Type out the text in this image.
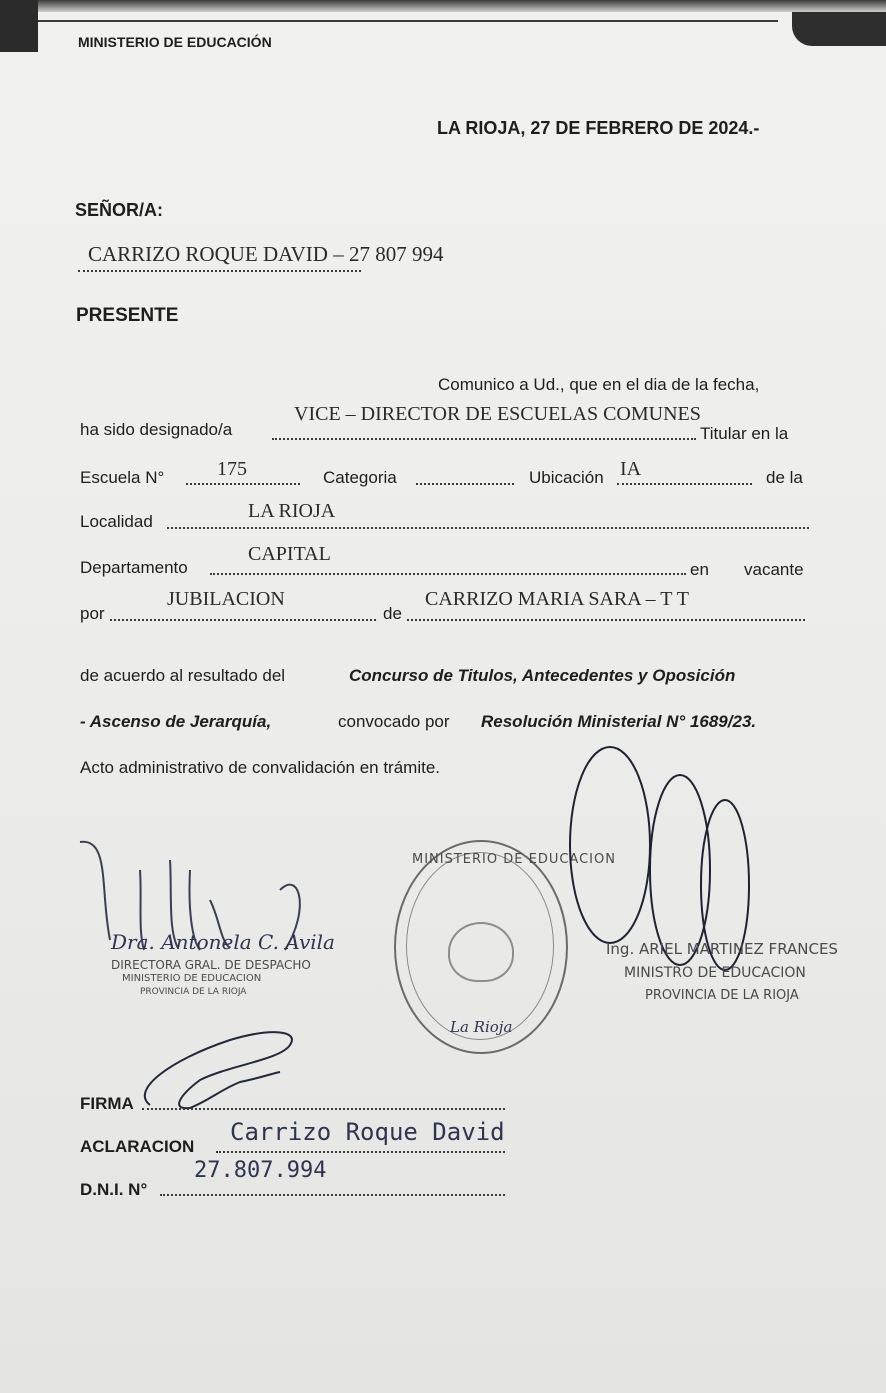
MINISTERIO DE EDUCACIÓN
LA RIOJA, 27 DE FEBRERO DE 2024.-
SEÑOR/A:
CARRIZO ROQUE DAVID – 27 807 994
PRESENTE
Comunico a Ud., que en el dia de la fecha,
ha sido designado/a
VICE – DIRECTOR DE ESCUELAS COMUNES
Titular en la
Escuela N°	175	Categoria	Ubicación IA	de la
Localidad	LA RIOJA
Departamento
CAPITAL
en vacante
por
JUBILACION
de
CARRIZO MARIA SARA – T T
de acuerdo al resultado del	Concurso de Titulos, Antecedentes y Oposición
- Ascenso de Jerarquía,	convocado por Resolución Ministerial N° 1689/23.
Acto administrativo de convalidación en trámite.
Dra. Antonela C. Avila
DIRECTORA GRAL. DE DESPACHO
MINISTERIO DE EDUCACION
PROVINCIA DE LA RIOJA
MINISTERIO DE EDUCACION
La Rioja
Ing. ARIEL MARTINEZ FRANCES
MINISTRO DE EDUCACION
PROVINCIA DE LA RIOJA
FIRMA
ACLARACION
Carrizo Roque David
D.N.I. N°
27.807.994
